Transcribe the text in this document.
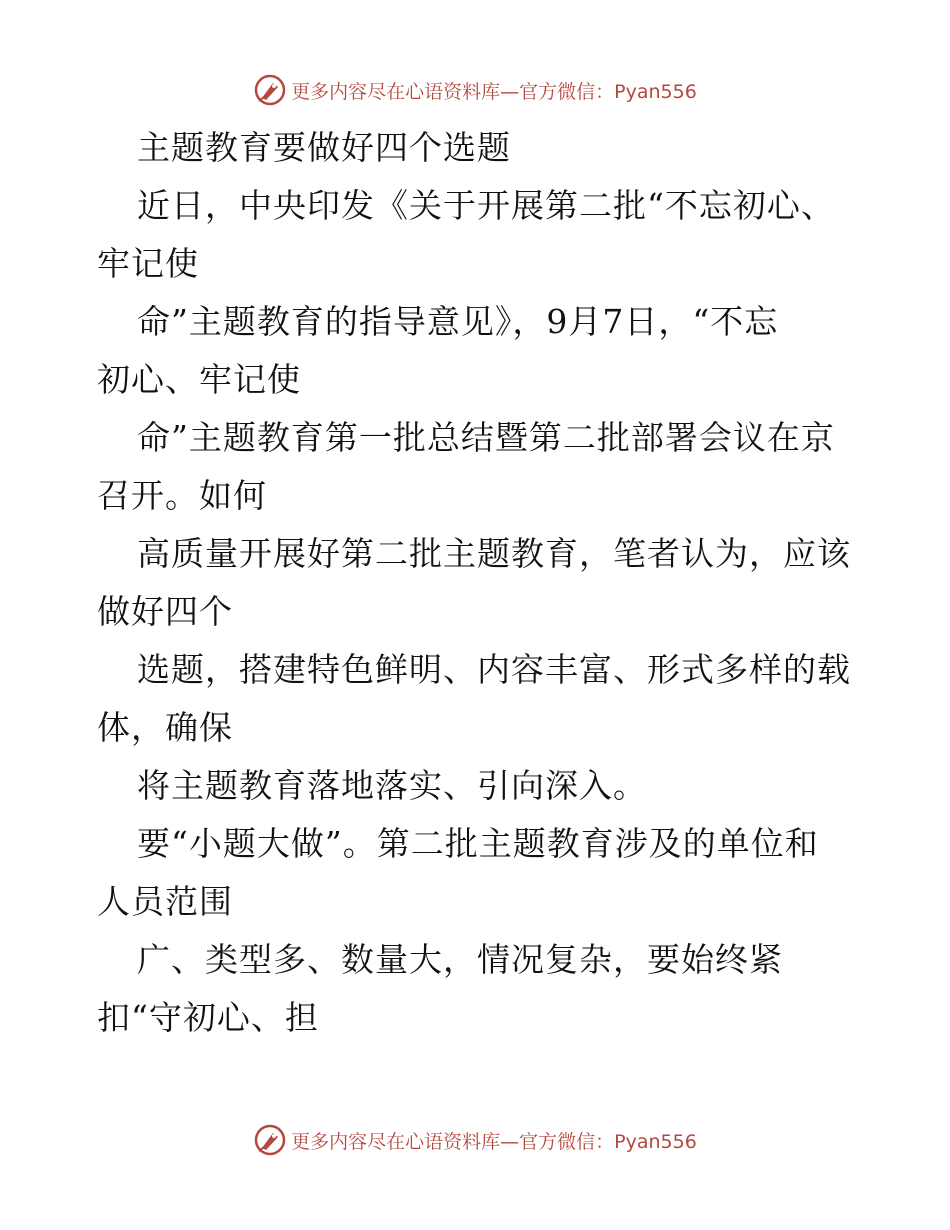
更多内容尽在心语资料库—官方微信：Pyan556
主题教育要做好四个选题
近日，中央印发《关于开展第二批“不忘初心、
牢记使
命”主题教育的指导意见》，9月7日，“不忘
初心、牢记使
命”主题教育第一批总结暨第二批部署会议在京
召开。如何
高质量开展好第二批主题教育，笔者认为，应该
做好四个
选题，搭建特色鲜明、内容丰富、形式多样的载
体，确保
将主题教育落地落实、引向深入。
要“小题大做”。第二批主题教育涉及的单位和
人员范围
广、类型多、数量大，情况复杂，要始终紧
扣“守初心、担
更多内容尽在心语资料库—官方微信：Pyan556
